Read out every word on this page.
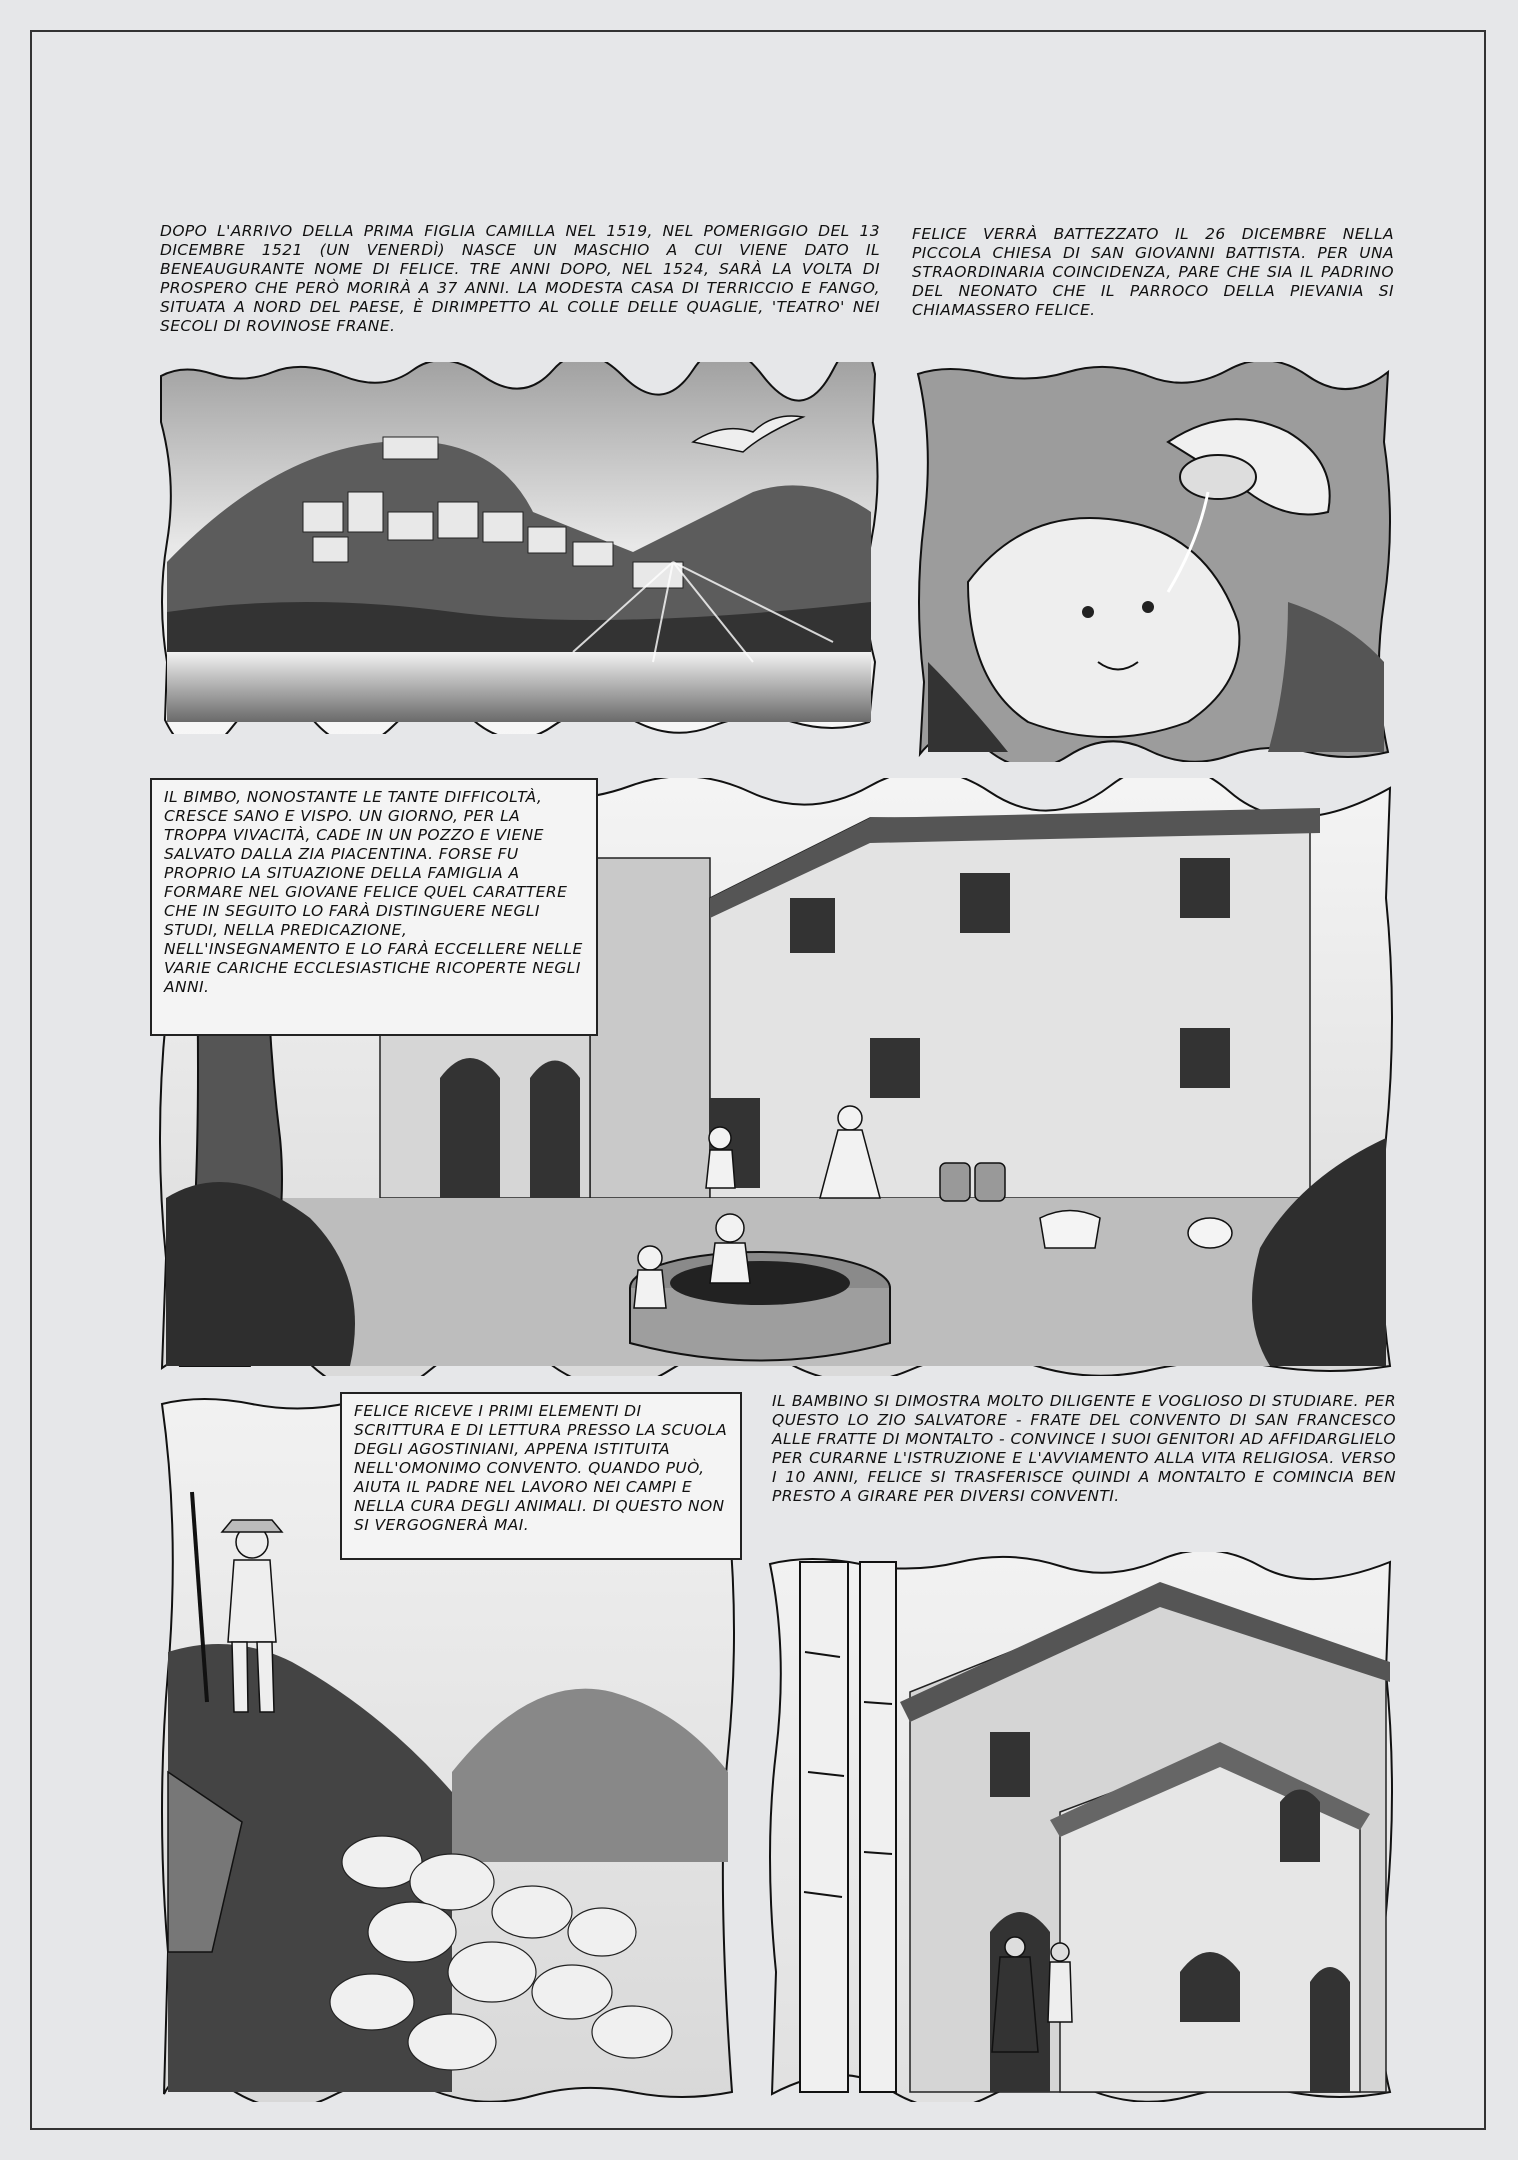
DOPO L'ARRIVO DELLA PRIMA FIGLIA CAMILLA NEL 1519, NEL POMERIGGIO DEL 13 DICEMBRE 1521 (UN VENERDÌ) NASCE UN MASCHIO A CUI VIENE DATO IL BENEAUGURANTE NOME DI FELICE. TRE ANNI DOPO, NEL 1524, SARÀ LA VOLTA DI PROSPERO CHE PERÒ MORIRÀ A 37 ANNI. LA MODESTA CASA DI TERRICCIO E FANGO, SITUATA A NORD DEL PAESE, È DIRIMPETTO AL COLLE DELLE QUAGLIE, 'TEATRO' NEI SECOLI DI ROVINOSE FRANE.

FELICE VERRÀ BATTEZZATO IL 26 DICEMBRE NELLA PICCOLA CHIESA DI SAN GIOVANNI BATTISTA. PER UNA STRAORDINARIA COINCIDENZA, PARE CHE SIA IL PADRINO DEL NEONATO CHE IL PARROCO DELLA PIEVANIA SI CHIAMASSERO FELICE.

IL BIMBO, NONOSTANTE LE TANTE DIFFICOLTÀ, CRESCE SANO E VISPO. UN GIORNO, PER LA TROPPA VIVACITÀ, CADE IN UN POZZO E VIENE SALVATO DALLA ZIA PIACENTINA. FORSE FU PROPRIO LA SITUAZIONE DELLA FAMIGLIA A FORMARE NEL GIOVANE FELICE QUEL CARATTERE CHE IN SEGUITO LO FARÀ DISTINGUERE NEGLI STUDI, NELLA PREDICAZIONE, NELL'INSEGNAMENTO E LO FARÀ ECCELLERE NELLE VARIE CARICHE ECCLESIASTICHE RICOPERTE NEGLI ANNI.

FELICE RICEVE I PRIMI ELEMENTI DI SCRITTURA E DI LETTURA PRESSO LA SCUOLA DEGLI AGOSTINIANI, APPENA ISTITUITA NELL'OMONIMO CONVENTO. QUANDO PUÒ, AIUTA IL PADRE NEL LAVORO NEI CAMPI E NELLA CURA DEGLI ANIMALI. DI QUESTO NON SI VERGOGNERÀ MAI.

IL BAMBINO SI DIMOSTRA MOLTO DILIGENTE E VOGLIOSO DI STUDIARE. PER QUESTO LO ZIO SALVATORE - FRATE DEL CONVENTO DI SAN FRANCESCO ALLE FRATTE DI MONTALTO - CONVINCE I SUOI GENITORI AD AFFIDARGLIELO PER CURARNE L'ISTRUZIONE E L'AVVIAMENTO ALLA VITA RELIGIOSA. VERSO I 10 ANNI, FELICE SI TRASFERISCE QUINDI A MONTALTO E COMINCIA BEN PRESTO A GIRARE PER DIVERSI CONVENTI.
